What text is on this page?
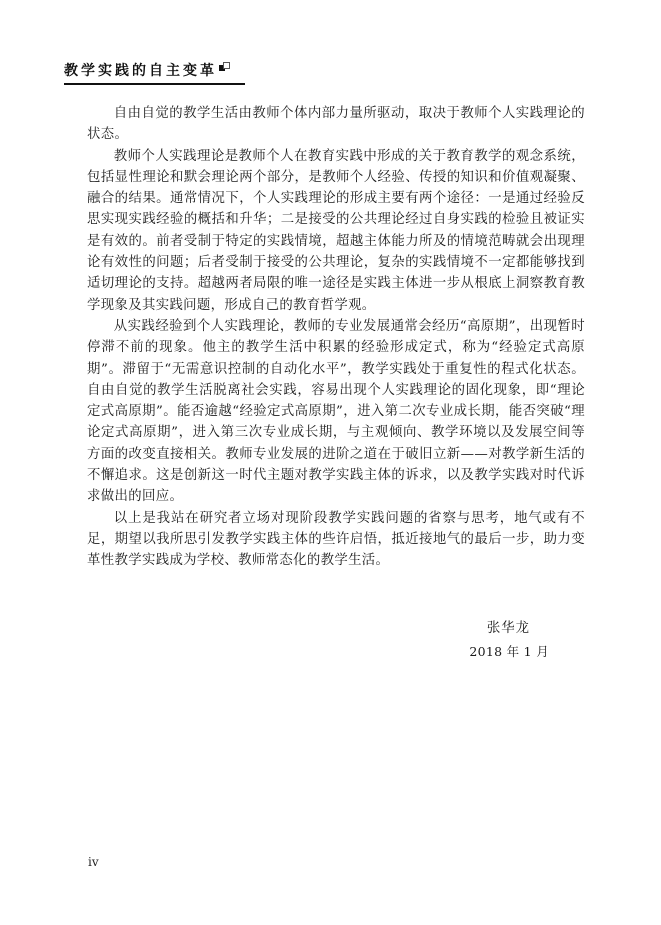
教学实践的自主变革

自由自觉的教学生活由教师个体内部力量所驱动，取决于教师个人实践理论的状态。

教师个人实践理论是教师个人在教育实践中形成的关于教育教学的观念系统，包括显性理论和默会理论两个部分，是教师个人经验、传授的知识和价值观凝聚、融合的结果。通常情况下，个人实践理论的形成主要有两个途径：一是通过经验反思实现实践经验的概括和升华；二是接受的公共理论经过自身实践的检验且被证实是有效的。前者受制于特定的实践情境，超越主体能力所及的情境范畴就会出现理论有效性的问题；后者受制于接受的公共理论，复杂的实践情境不一定都能够找到适切理论的支持。超越两者局限的唯一途径是实践主体进一步从根底上洞察教育教学现象及其实践问题，形成自己的教育哲学观。

从实践经验到个人实践理论，教师的专业发展通常会经历“高原期”，出现暂时停滞不前的现象。他主的教学生活中积累的经验形成定式，称为“经验定式高原期”。滞留于“无需意识控制的自动化水平”，教学实践处于重复性的程式化状态。自由自觉的教学生活脱离社会实践，容易出现个人实践理论的固化现象，即“理论定式高原期”。能否逾越“经验定式高原期”，进入第二次专业成长期，能否突破“理论定式高原期”，进入第三次专业成长期，与主观倾向、教学环境以及发展空间等方面的改变直接相关。教师专业发展的进阶之道在于破旧立新——对教学新生活的不懈追求。这是创新这一时代主题对教学实践主体的诉求，以及教学实践对时代诉求做出的回应。

以上是我站在研究者立场对现阶段教学实践问题的省察与思考，地气或有不足，期望以我所思引发教学实践主体的些许启悟，抵近接地气的最后一步，助力变革性教学实践成为学校、教师常态化的教学生活。

张华龙
2018 年 1 月
iv
